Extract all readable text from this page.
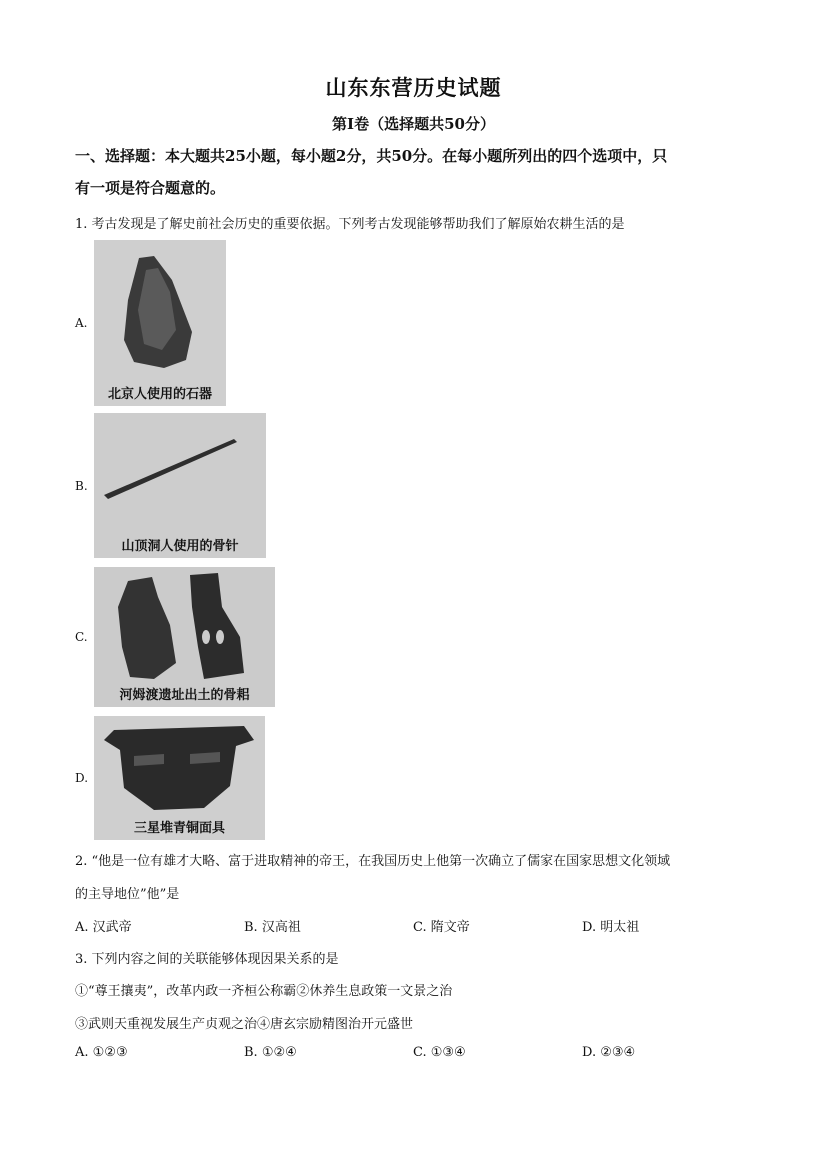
山东东营历史试题
第Ⅰ卷（选择题共50分）
一、选择题：本大题共25小题，每小题2分，共50分。在每小题所列出的四个选项中，只
有一项是符合题意的。
1. 考古发现是了解史前社会历史的重要依据。下列考古发现能够帮助我们了解原始农耕生活的是
A.
北京人使用的石器
B.
山顶洞人使用的骨针
C.
河姆渡遗址出土的骨耜
D.
三星堆青铜面具
2. “他是一位有雄才大略、富于进取精神的帝王，在我国历史上他第一次确立了儒家在国家思想文化领域
的主导地位”他”是
A. 汉武帝	B. 汉高祖	C. 隋文帝	D. 明太祖
3. 下列内容之间的关联能够体现因果关系的是
①“尊王攘夷”，改革内政一齐桓公称霸②休养生息政策一文景之治
③武则天重视发展生产贞观之治④唐玄宗励精图治开元盛世
A. ①②③	B. ①②④	C. ①③④	D. ②③④
